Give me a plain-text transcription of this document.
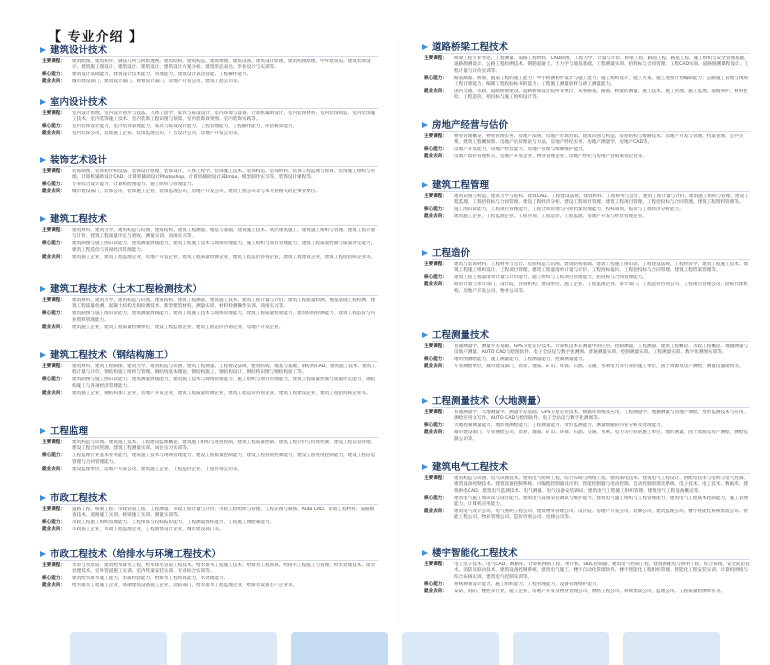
【 专业介绍 】
建筑设计技术
主要课程：	建筑绘图、建筑初步、画法几何与阴影透视、建筑结构、建筑构造、建筑物理、建筑设备、建筑设计原理、建筑构图原理、中外建筑史、建筑装饰设计、建筑施工图设计、建筑设计、建筑设计、建筑设计方案分析、建筑形态表达、毕业设计与实训等。
核心能力：	建筑设计基础能力，建筑设计技术能力，管理能力，建筑设计表达技能，工程操作能力。
就业去向：	城市建设部门，建筑设计部门，规划设计部门，房地产开发公司，建筑工程公司等。
室内设计技术
主要课程：	室内设计原理、室内设计初步与技法、人体工程学、家具与陈设设计、室内环境与设备、计算机辅助设计、室内装饰材料、室内装饰构造、室内装饰施工技术、室内装饰施工技术、室内装饰工程识图与预算、室内装饰效果图、室内装饰实践等。
核心能力：	室内装饰设计能力，室内装饰表现能力，家具与陈设设计能力，工程管理能力，工程操作能力，评估核算能力。
就业去向：	室内装饰公司，装饰施工企业，装饰监理公司，广告设计公司，房地产开发公司等。
装饰艺术设计
主要课程：	装饰制图、装饰初步和技法、装饰设计原理、装饰设计、人体工程学、装饰施工技术、装饰构造、装饰材料、装饰工程监理与预算、装饰施工组织与管理、计算机辅助设计CAD、计算机辅助设计Photoshop、计算机辅助设计3Dmax、模型制作实习等，装饰设计课程等。
核心能力：	专业综合设计能力，计算机绘图能力，施工组织与管理能力。
就业去向：	城市建设部门，装饰公司，装饰施工企业，装饰监理公司，房地产开发公司，建筑工程公司等与本专业相关的企事业单位。
建筑工程技术
主要课程：	建筑材料、建筑力学、建筑构造与识图、建筑结构、建筑工程测量、地基与基础、建筑施工技术、高层建筑施工、建筑施工组织与管理、建筑工程计量与计价、建筑工程质量评定与验收、测量实训、顶岗实习等。
核心能力：	建筑制图与施工图识读能力，建筑测量放线能力，建筑工程施工技术与现场管理能力，施工组织与项目管理能力，建筑工程质量控制与质量评定能力，建筑工程造价与各项经济管理能力。
就业去向：	建筑施工企业，建筑工程监理企业，房地产开发企业，建筑工程质量检测企业，建筑工程造价咨询企业，建筑工程建设企业，建筑工程招投标企业等。
建筑工程技术（土木工程检测技术）
主要课程：	建筑材料、建筑力学、建筑构造与识图、建筑结构、建筑工程测量、建筑施工技术、建筑工程计量与计价、建筑工程质量检测、地基基础工程检测、建筑工程质量检测、混凝土结构无损检测技术、新型建筑材料、测量实训、材料检测操作实训、顶岗实习等。
核心能力：	建筑制图与施工图识读能力，建筑测量放线能力，建筑工程施工技术与现场管理能力，建筑工程质量检验能力，建筑结构检测能力，建筑工程造价与内业资料管理能力。
就业去向：	建筑施工企业，建筑工程质量检测单位，建设工程监理企业，建筑工程造价咨询企业，房地产开发企业。
建筑工程技术（钢结构施工）
主要课程：	建筑材料、建筑工程制图、建筑力学、建筑构造与识图、建筑工程测量、工程建设法规、建筑结构、地基与基础、钢结构CAD、建筑施工技术、建筑工程计量与计价、钢结构施工组织与管理、钢结构基本理论、钢结构施工、钢结构设计、钢结构识图与钢结构加工等。
核心能力：	建筑制图与施工图识读能力，建筑测量放线能力，建筑施工技术与现场管理能力，施工组织与项目管理能力，建筑工程质量控制与质量评定能力，钢结构施工与各项经济管理能力。
就业去向：	建筑施工企业，钢结构加工企业，房地产开发企业，建筑工程质量检测企业，建筑工程造价咨询企业，建筑工程建设企业，建筑工程招投标企业等。
工程监理
主要课程：	建筑构造与识图、建筑施工技术、工程建设监理概论、建筑施工组织与进度控制、建筑工程质量控制、建筑工程计价与投资控制、建设工程信息管理、建设工程合同管理、建筑工程测量实训、岗位实习实训等。
核心能力：	工程监理行业基本业务能力，建筑施工技术与现场管理能力，建设工程质量控制能力，建设工程投资控制能力，建设工程进度控制能力，建设工程信息管理与合同管理能力。
就业去向：	建设监理单位，房地产开发公司，建筑施工企业，工程造价企业，工程咨询公司等。
市政工程技术
主要课程：	道路工程、桥梁工程、市政管道工程、工程测量、市政工程计量与计价、市政工程组织与管理、工程识图与制图、Auto CAD、市政工程材料、道路勘查技术、道路施工实训、桥梁施工实训、测量实训等。
核心能力：	市政工程施工组织管理能力，工程预算与投标报价能力，工程测量放样能力，工程施工图绘制能力。
就业去向：	市政施工企业，市政工程监理企业，工程勘察设计企业，城市建设部门等。
市政工程技术（给排水与环境工程技术）
主要课程：	水泵与水泵站、建筑给水排水工程、给水排水管道工程技术、给水排水工程施工技术、给排水工程预算、给排水工程施工与管理、给水处理技术、废水处理技术、室外管道施工实训、室内管道安装实训、专业综合实训等。
核心能力：	建筑给水排水施工能力，水质检验能力，给排水工程预算能力，水处理能力。
就业去向：	给水排水工程施工企业，高端建筑设备施工企业，消防部门，给水排水工程监理企业，给排水设备生产企业等。
道路桥梁工程技术
主要课程：	桥梁工程专业导论、工程测量、道路工程材料、CAD制图、工程力学、计量与计价、桥梁工程、路面工程、路基工程、施工组织与安全管理基础、道路勘测设计、公路工程检测技术、钢筋混凝土、土力学与地基基础、工程测量实训、招投标与合同管理、工程CAD实训、道路勘测课程设计、工程计量与计价实训等。
核心能力：	路基路面、桥梁、隧道工程的施工能力；中小桥涵初步设计与施工能力；施工组织设计、施工方案、施工进度计划编制能力；公路施工管理与现场工程计算能力；编制工程投标标书的能力；工程施工测量放样与竣工测量能力。
就业去向：	国内交通、市政、道路桥梁建设、道路桥梁设计院所等单位，从事路基、路面、桥梁的测量、施工技术、施工管理、施工监理、道路养护、材料化检、工程造价、招投标与施工组织设计等。
房地产经营与估价
主要课程：	物业管理概论、物业管理实务、房地产法规、房地产市场营销、建筑识图与构造、房屋结构与维修技术、房地产开发与管理、档案管理、公共关系、建筑工程概预算、房地产估价理论与方法、房地产经纪实务、房地产测量学、房地产CAD等。
核心能力：	房地产开发能力，房地产经营能力，房地产管理与维修维护能力。
就业去向：	房地产政府管理机关、房地产开发企业、物业管理企业、房地产经纪与房地产营销策划企业等。
建筑工程管理
主要课程：	建筑识图与构造、建筑力学与结构、建筑CAD、工程建设法规、建筑材料、工程财务与会计、建筑工程计量与计价、建筑施工组织与管理、建设工程监理、工程招投标与合同管理、建设工程经济分析、建设工程项目管理、建筑工程项目管理、工程招投标与合同管理、建筑工程资料管理等。
核心能力：	施工图识读能力，工程项目管理能力，工程合同管理与内业档案管理能力，投标策划，报价与工程经济分析能力。
就业去向：	建筑施工企业、工程监理企业、工程咨询、工程造价、工程监理、房地产开发与经营管理企业。
工程造价
主要课程：	建筑与装饰材料、工程财务与会计、房屋构造与识图、建筑结构基础、建筑工程施工图识读、工程建设法规、工程经济学、建筑工程施工技术、建筑工程施工组织设计、工程项目管理、建筑工程量清单计量与计价、工程投标报价、工程招投标与合同管理、建筑工程档案管理等。
核心能力：	建筑工程工程量清单计量与计价能力，施工组织与工程项目管理能力，招投标与合同管理能力。
就业去向：	政府计划与审计部门，设计院，咨询机构、建设单位、施工企业、工程监理企业、审计部门、工程造价咨询公司、工程项目管理公司、招标代理机构、房地产开发公司、物业公司等。
工程测量技术
主要课程：	普通测量学、测量平差基础、GPS卫星定位技术、计算机技术在测量中的应用、控制测量、工程测量、建筑工程概论、市政工程概论、地籍测量与房地产测量、AUTO CAD与绘图软件、电子全站仪与数字化测图、普通测量实训、控制测量实训、工程测量实训、数字化测图实训等。
核心能力：	地形图测绘能力，施工测量能力，工程测量能力，控制测量能力。
就业去向：	专业测绘单位，城市建设部门，农业、地质、矿山、环保、石油、交通、水利电力等行业的施工单位，国土资源及房产测绘，测量仪器销售等。
工程测量技术（大地测量）
主要课程：	普通测量学、大地测量学、测量平差基础、GPS卫星定位技术、数据库原理及应用、工程测量学、地籍测量与房地产测绘、变形监测技术与应用、测绘应用文写作、AUTO CAD与绘图软件、电子全站仪与数字化测图等。
核心能力：	大地控制测量能力，地形图测绘能力，工程测量能力，变形监测能力，测量数据的内业分析及处理能力。
就业去向：	城市建设部门，专业测绘公司，农业、地质、矿山、环保、石油、交通、水利、电力等行业的施工单位，地形测量，国土资源及房产测绘，测绘仪器公司等。
建筑电气工程技术
主要课程：	建筑构造与识图、电气识图技术、建筑电气照明工程、综合布线与网络工程、建筑弱电技术、建筑电气工程设计、供配电技术与电机与电气控制、建筑设备控制技术、建筑设备控制系统、可编程控制器及应用、智能控制器与电动控制、自动控制原理及系统、电子技术、电工技术、数据库、建筑供电CAD、建筑电气监测技术、电气测量、电气设备安装调试、建筑电气工程施工组织管理、建筑电气工程设备概论等。
核心能力：	建筑电气施工图识读与设计能力，建筑电气设备安装调试与维护能力，建筑电气施工组织与工程管理能力，建筑电气工程成本控制能力，施工管理能力，计算机应用能力。
就业去向：	建筑电气设计公司、电气照明工程公司、建筑物业管理公司、设计院、房地产开发公司、装修公司、建筑监理公司、楼宇智能化系统集成公司、智能工程公司、物业管理公司、造价咨询公司、电梯公司等。
楼宇智能化工程技术
主要课程：	电工电子技术、电气CAD、数据库、计算机网络工程、单片机、DDC控制器、建筑电气控制工程、建筑供配电与照明工程、综合布线、安全防范技术、消防及联动技术、建筑设备控制系统、建筑电气施工、楼宇自动化管理软件、楼宇智能化工程组织管理、智能化工程安装实训、计算机网络与综合布线实训、建筑电气控制实训等。
核心能力：	系统规划设计能力、施工组织能力、工程管理能力、设备管理维护能力。
就业去向：	安防、消防、楼控等行业，施工企业、房地产开发及物业管理公司、网络工程公司、系统集成公司、监理公司、工程质量检测单位等。
